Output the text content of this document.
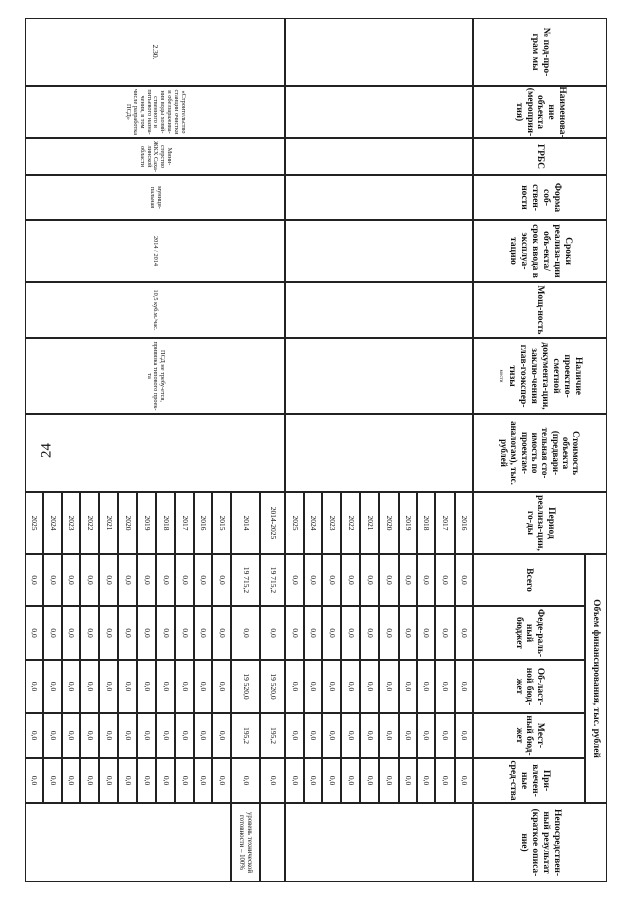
24
№ под-про-грам мы
Наименова-ние объекта (мероприя-тия)
ГРБС
Форма соб-ствен-ности
Сроки реализа-ции объ-екта/срок ввода в эксплуа-тацию
Мощ-ность
Наличие проектно-сметной документа-ции, заклю-чения глав-гоэкспер-тизы
мости
Стоимость объекта (предвари-тельная сто-имость по проектам-аналогам), тыс. рублей
Период реализа-ции, го-ды
Объем финансирования, тыс. рублей
Всего
Феде-раль-ный бюджет
Об-ласт-ной бюд-жет
Мест-ный бюд-жет
При-влечен-ные сред-ства
Непосредствен-ный результат (краткое описа-ние)
2016
0,0
0,0
0,0
0,0
0,0
2017
0,0
0,0
0,0
0,0
0,0
2018
0,0
0,0
0,0
0,0
0,0
2019
0,0
0,0
0,0
0,0
0,0
2020
0,0
0,0
0,0
0,0
0,0
2021
0,0
0,0
0,0
0,0
0,0
2022
0,0
0,0
0,0
0,0
0,0
2023
0,0
0,0
0,0
0,0
0,0
2024
0,0
0,0
0,0
0,0
0,0
2025
0,0
0,0
0,0
0,0
0,0
2.30.
«Строительство станции очистки и обеззаражива-ния воды хозяй-ственного и питьевого назна-чения, в том числе разработка ПСД»
Мини-стерство ЖКХ Саха-линской области
муници-пальная
2014 / 2014
10,5 куб.м./час.
ПСД не требу-ется, привязка типового проек-та
2014-2025
19 715,2
0,0
19 520,0
195,2
0,0
2014
19 715,2
0,0
19 520,0
195,2
0,0
2015
0,0
0,0
0,0
0,0
0,0
2016
0,0
0,0
0,0
0,0
0,0
2017
0,0
0,0
0,0
0,0
0,0
2018
0,0
0,0
0,0
0,0
0,0
2019
0,0
0,0
0,0
0,0
0,0
2020
0,0
0,0
0,0
0,0
0,0
2021
0,0
0,0
0,0
0,0
0,0
2022
0,0
0,0
0,0
0,0
0,0
2023
0,0
0,0
0,0
0,0
0,0
2024
0,0
0,0
0,0
0,0
0,0
2025
0,0
0,0
0,0
0,0
0,0
уровень технической готовности – 100%
